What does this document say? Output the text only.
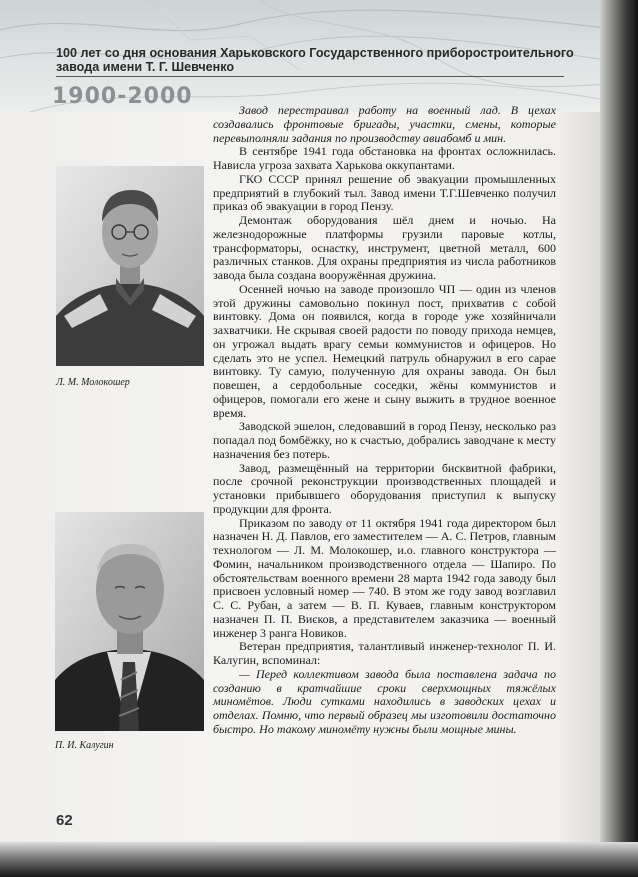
100 лет со дня основания Харьковского Государственного приборостроительного завода имени Т. Г. Шевченко

1900-2000

Л. М. Молокошер

П. И. Калугин

Завод перестраивал работу на военный лад. В цехах создавались фронтовые бригады, участки, смены, которые перевыполняли задания по производству авиабомб и мин.

В сентябре 1941 года обстановка на фронтах осложнилась. Нависла угроза захвата Харькова оккупантами.

ГКО СССР принял решение об эвакуации промышленных предприятий в глубокий тыл. Завод имени Т.Г.Шевченко получил приказ об эвакуации в город Пензу.

Демонтаж оборудования шёл днем и ночью. На железнодорожные платформы грузили паровые котлы, трансформаторы, оснастку, инструмент, цветной металл, 600 различных станков. Для охраны предприятия из числа работников завода была создана вооружённая дружина.

Осенней ночью на заводе произошло ЧП — один из членов этой дружины самовольно покинул пост, прихватив с собой винтовку. Дома он появился, когда в городе уже хозяйничали захватчики. Не скрывая своей радости по поводу прихода немцев, он угрожал выдать врагу семьи коммунистов и офицеров. Но сделать это не успел. Немецкий патруль обнаружил в его сарае винтовку. Ту самую, полученную для охраны завода. Он был повешен, а сердобольные соседки, жёны коммунистов и офицеров, помогали его жене и сыну выжить в трудное военное время.

Заводской эшелон, следовавший в город Пензу, несколько раз попадал под бомбёжку, но к счастью, добрались заводчане к месту назначения без потерь.

Завод, размещённый на территории бисквитной фабрики, после срочной реконструкции производственных площадей и установки прибывшего оборудования приступил к выпуску продукции для фронта.

Приказом по заводу от 11 октября 1941 года директором был назначен Н. Д. Павлов, его заместителем — А. С. Петров, главным технологом — Л. М. Молокошер, и.о. главного конструктора — Фомин, начальником производственного отдела — Шапиро. По обстоятельствам военного времени 28 марта 1942 года заводу был присвоен условный номер — 740. В этом же году завод возглавил С. С. Рубан, а затем — В. П. Куваев, главным конструктором назначен П. П. Виєков, а представителем заказчика — военный инженер 3 ранга Новиков.

Ветеран предприятия, талантливый инженер-технолог П. И. Калугин, вспоминал:

— Перед коллективом завода была поставлена задача по созданию в кратчайшие сроки сверхмощных тяжёлых миномётов. Люди сутками находились в заводских цехах и отделах. Помню, что первый образец мы изготовили достаточно быстро. Но такому миномёту нужны были мощные мины.

62
